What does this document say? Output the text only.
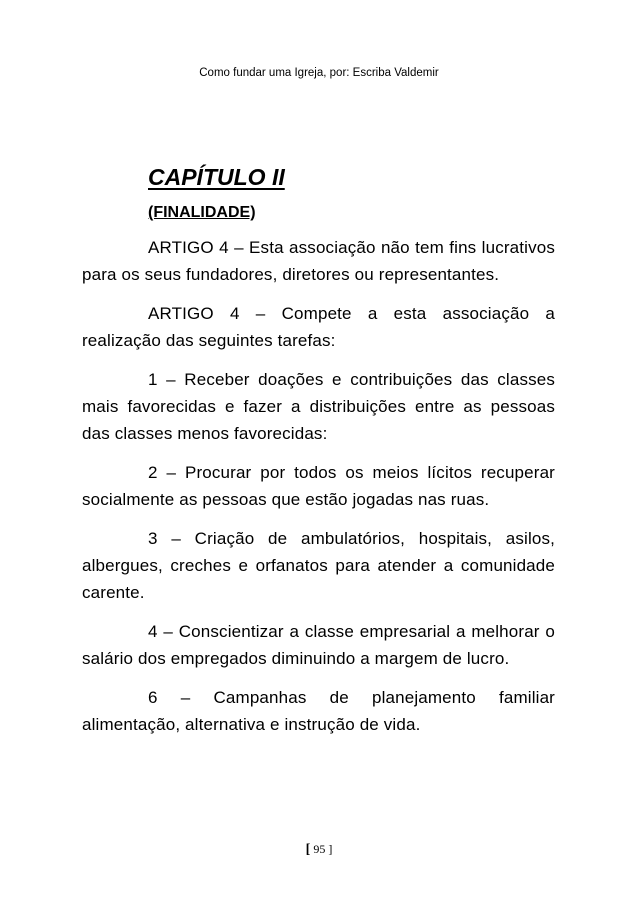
Como fundar uma Igreja, por: Escriba Valdemir
CAPÍTULO II
(FINALIDADE)

ARTIGO 4 – Esta associação não tem fins lucrativos para os seus fundadores, diretores ou representantes.

ARTIGO 4 – Compete a esta associação a realização das seguintes tarefas:

1 – Receber doações e contribuições das classes mais favorecidas e fazer a distribuições entre as pessoas das classes menos favorecidas:

2 – Procurar por todos os meios lícitos recuperar socialmente as pessoas que estão jogadas nas ruas.

3 – Criação de ambulatórios, hospitais, asilos, albergues, creches e orfanatos para atender a comunidade carente.

4 – Conscientizar a classe empresarial a melhorar o salário dos empregados diminuindo a margem de lucro.

6 – Campanhas de planejamento familiar alimentação, alternativa e instrução de vida.

[ 95 ]
